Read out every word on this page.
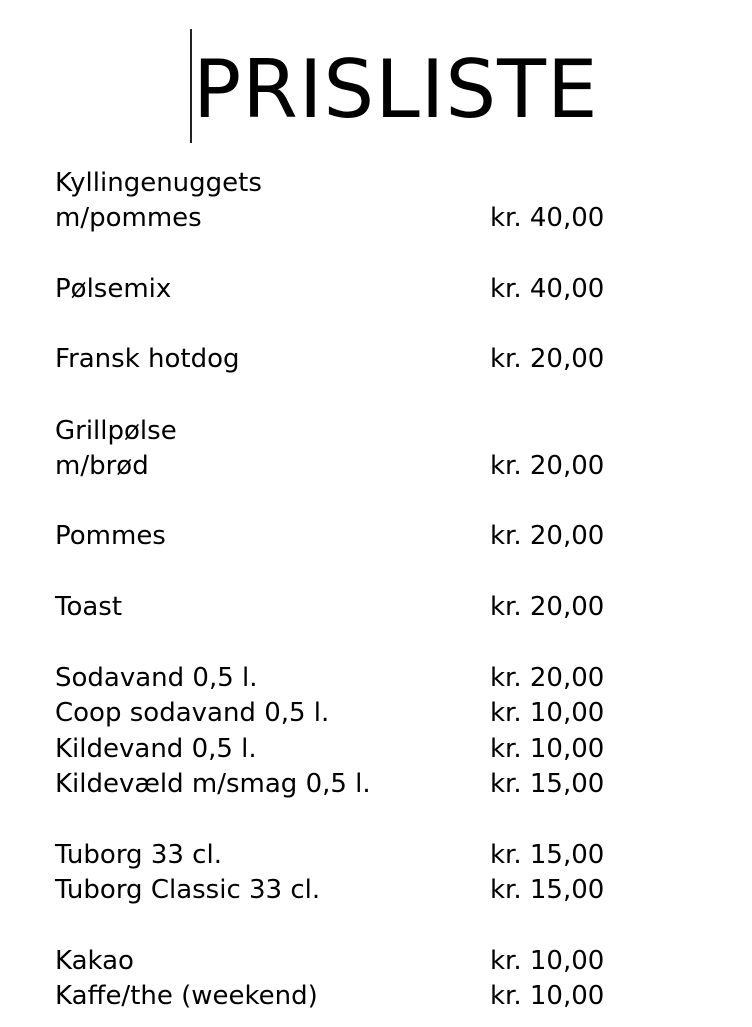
PRISLISTE
Kyllingenuggets
m/pommes	kr. 40,00
Pølsemix	kr. 40,00
Fransk hotdog	kr. 20,00
Grillpølse
m/brød	kr. 20,00
Pommes	kr. 20,00
Toast	kr. 20,00
Sodavand 0,5 l.	kr. 20,00
Coop sodavand 0,5 l.	kr. 10,00
Kildevand 0,5 l.	kr. 10,00
Kildevæld m/smag 0,5 l.	kr. 15,00
Tuborg 33 cl.	kr. 15,00
Tuborg Classic 33 cl.	kr. 15,00
Kakao	kr. 10,00
Kaffe/the (weekend)	kr. 10,00
